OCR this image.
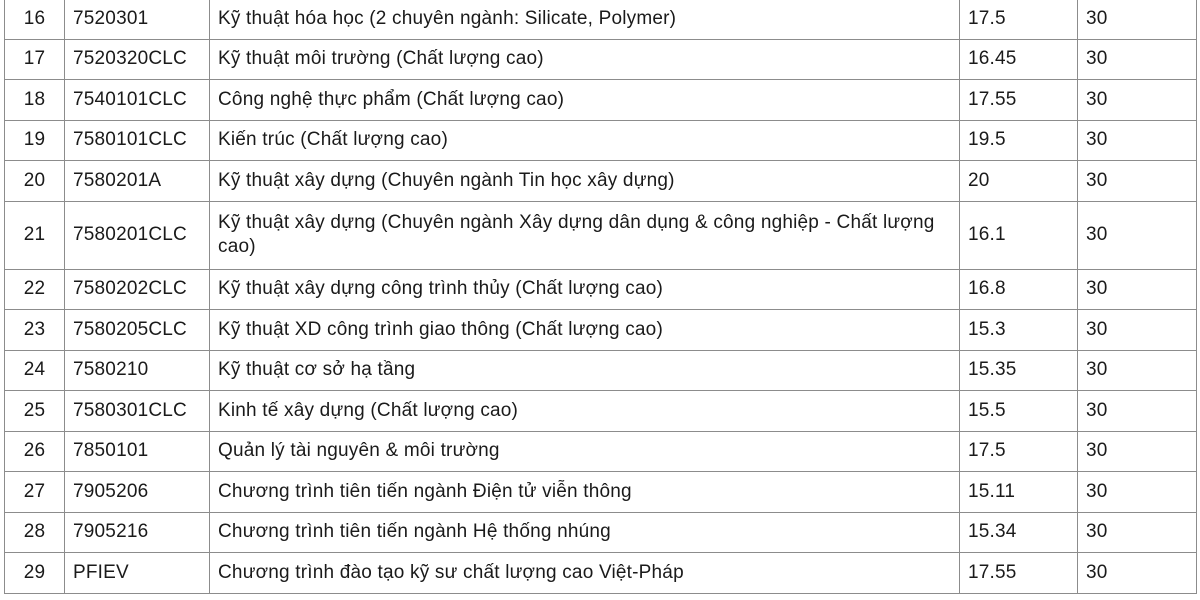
16	7520301	Kỹ thuật hóa học (2 chuyên ngành: Silicate, Polymer)	17.5	30
17	7520320CLC	Kỹ thuật môi trường (Chất lượng cao)	16.45	30
18	7540101CLC	Công nghệ thực phẩm (Chất lượng cao)	17.55	30
19	7580101CLC	Kiến trúc (Chất lượng cao)	19.5	30
20	7580201A	Kỹ thuật xây dựng (Chuyên ngành Tin học xây dựng)	20	30
21	7580201CLC	Kỹ thuật xây dựng (Chuyên ngành Xây dựng dân dụng & công nghiệp - Chất lượng cao)	16.1	30
22	7580202CLC	Kỹ thuật xây dựng công trình thủy (Chất lượng cao)	16.8	30
23	7580205CLC	Kỹ thuật XD công trình giao thông (Chất lượng cao)	15.3	30
24	7580210	Kỹ thuật cơ sở hạ tầng	15.35	30
25	7580301CLC	Kinh tế xây dựng (Chất lượng cao)	15.5	30
26	7850101	Quản lý tài nguyên & môi trường	17.5	30
27	7905206	Chương trình tiên tiến ngành Điện tử viễn thông	15.11	30
28	7905216	Chương trình tiên tiến ngành Hệ thống nhúng	15.34	30
29	PFIEV	Chương trình đào tạo kỹ sư chất lượng cao Việt-Pháp	17.55	30
